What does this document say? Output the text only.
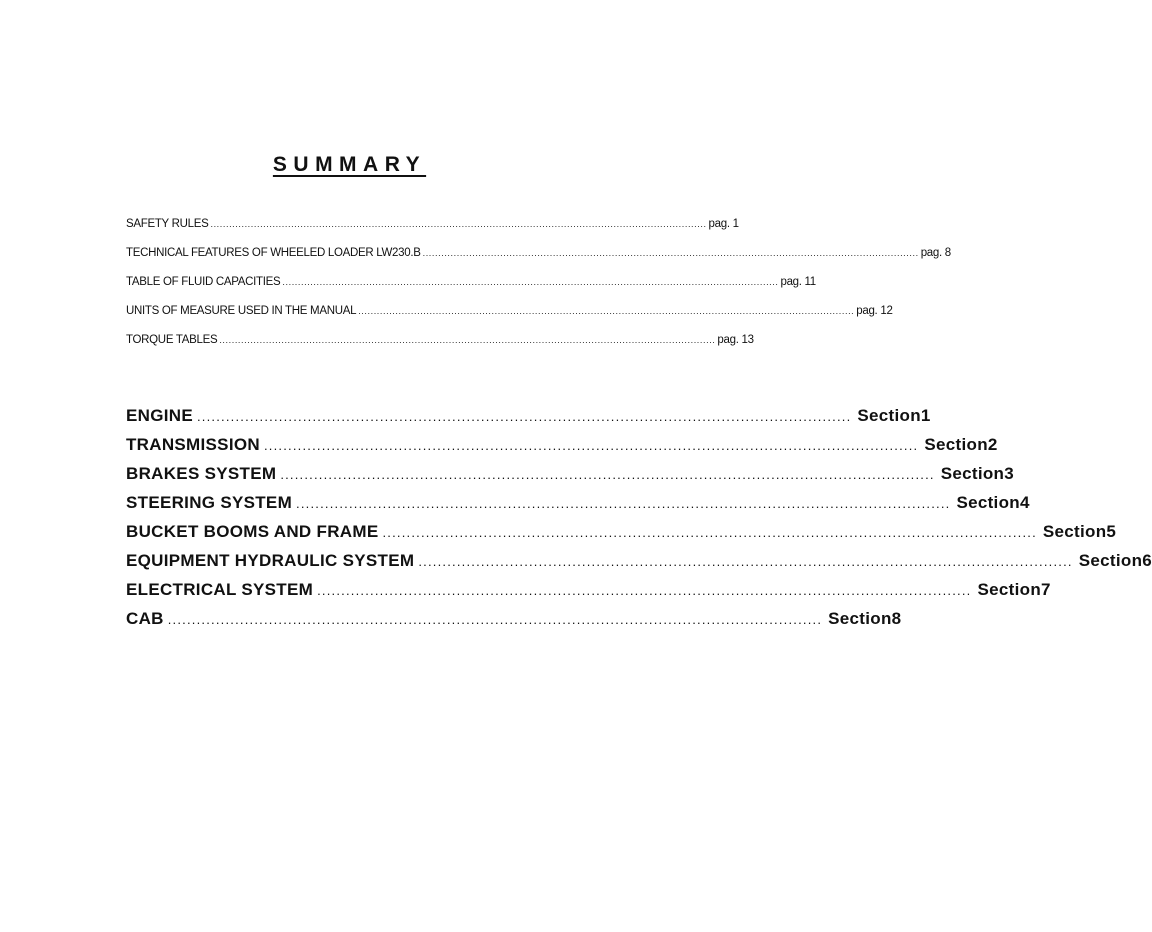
SUMMARY
SAFETY RULES ................................................................................................................................................................ pag. 1
TECHNICAL FEATURES OF WHEELED LOADER LW230.B ................................................................................................................................................................ pag. 8
TABLE OF FLUID CAPACITIES ................................................................................................................................................................ pag. 11
UNITS OF MEASURE USED IN THE MANUAL ................................................................................................................................................................ pag. 12
TORQUE TABLES ................................................................................................................................................................ pag. 13
ENGINE ........................................................................................................................................ Section 1
TRANSMISSION ........................................................................................................................................ Section 2
BRAKES SYSTEM ........................................................................................................................................ Section 3
STEERING SYSTEM ........................................................................................................................................ Section 4
BUCKET BOOMS AND FRAME ........................................................................................................................................ Section 5
EQUIPMENT HYDRAULIC SYSTEM ........................................................................................................................................ Section 6
ELECTRICAL SYSTEM ........................................................................................................................................ Section 7
CAB ........................................................................................................................................ Section 8
